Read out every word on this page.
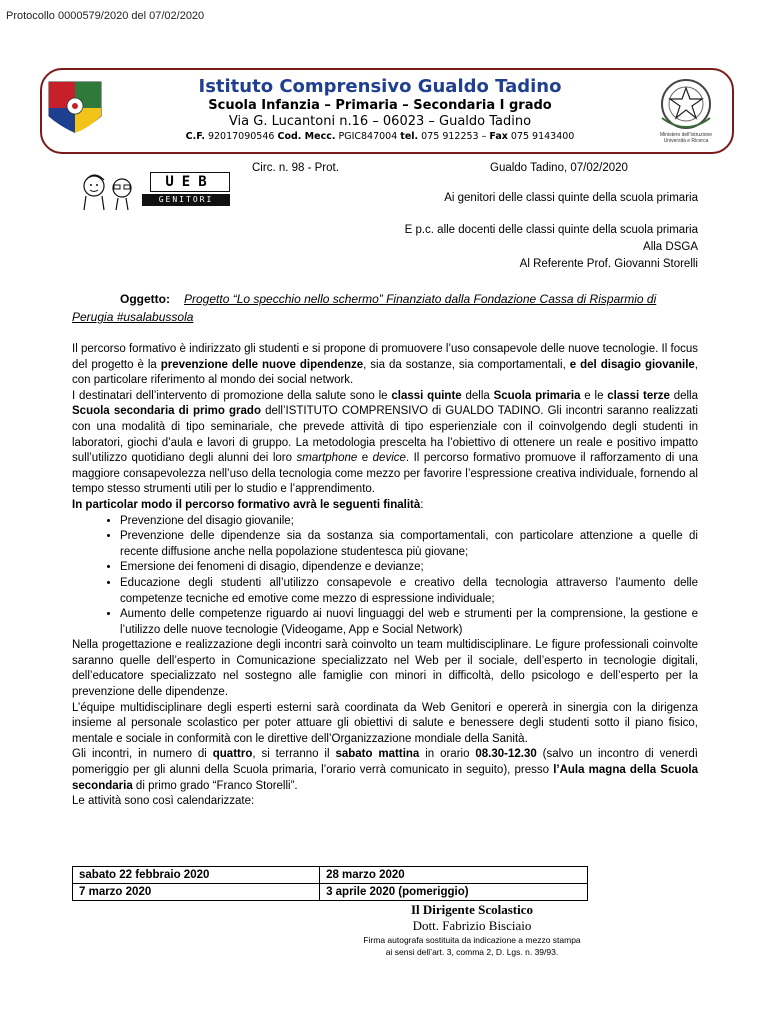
Protocollo 0000579/2020 del 07/02/2020
Istituto Comprensivo Gualdo Tadino
Scuola Infanzia – Primaria – Secondaria I grado
Via G. Lucantoni n.16 – 06023 – Gualdo Tadino
C.F. 92017090546 Cod. Mecc. PGIC847004 tel. 075 912253 – Fax 075 9143400	Ministero dell'Istruzione Università e Ricerca
UEB
GENITORI
Circ. n. 98 - Prot.	Gualdo Tadino, 07/02/2020
Ai genitori delle classi quinte della scuola primaria
E p.c. alle docenti delle classi quinte della scuola primaria
Alla DSGA
Al Referente Prof. Giovanni Storelli
Oggetto: Progetto “Lo specchio nello schermo” Finanziato dalla Fondazione Cassa di Risparmio di Perugia #usalabussola

Il percorso formativo è indirizzato gli studenti e si propone di promuovere l’uso consapevole delle nuove tecnologie. Il focus del progetto è la prevenzione delle nuove dipendenze, sia da sostanze, sia comportamentali, e del disagio giovanile, con particolare riferimento al mondo dei social network.

I destinatari dell’intervento di promozione della salute sono le classi quinte della Scuola primaria e le classi terze della Scuola secondaria di primo grado dell’ISTITUTO COMPRENSIVO di GUALDO TADINO. Gli incontri saranno realizzati con una modalità di tipo seminariale, che prevede attività di tipo esperienziale con il coinvolgendo degli studenti in laboratori, giochi d’aula e lavori di gruppo. La metodologia prescelta ha l’obiettivo di ottenere un reale e positivo impatto sull’utilizzo quotidiano degli alunni dei loro smartphone e device. Il percorso formativo promuove il rafforzamento di una maggiore consapevolezza nell’uso della tecnologia come mezzo per favorire l’espressione creativa individuale, fornendo al tempo stesso strumenti utili per lo studio e l’apprendimento.

In particolar modo il percorso formativo avrà le seguenti finalità:

• Prevenzione del disagio giovanile;
• Prevenzione delle dipendenze sia da sostanza sia comportamentali, con particolare attenzione a quelle di recente diffusione anche nella popolazione studentesca più giovane;
• Emersione dei fenomeni di disagio, dipendenze e devianze;
• Educazione degli studenti all’utilizzo consapevole e creativo della tecnologia attraverso l’aumento delle competenze tecniche ed emotive come mezzo di espressione individuale;
• Aumento delle competenze riguardo ai nuovi linguaggi del web e strumenti per la comprensione, la gestione e l’utilizzo delle nuove tecnologie (Videogame, App e Social Network)

Nella progettazione e realizzazione degli incontri sarà coinvolto un team multidisciplinare. Le figure professionali coinvolte saranno quelle dell’esperto in Comunicazione specializzato nel Web per il sociale, dell’esperto in tecnologie digitali, dell’educatore specializzato nel sostegno alle famiglie con minori in difficoltà, dello psicologo e dell’esperto per la prevenzione delle dipendenze.

L’équipe multidisciplinare degli esperti esterni sarà coordinata da Web Genitori e opererà in sinergia con la dirigenza insieme al personale scolastico per poter attuare gli obiettivi di salute e benessere degli studenti sotto il piano fisico, mentale e sociale in conformità con le direttive dell’Organizzazione mondiale della Sanità.

Gli incontri, in numero di quattro, si terranno il sabato mattina in orario 08.30-12.30 (salvo un incontro di venerdì pomeriggio per gli alunni della Scuola primaria, l’orario verrà comunicato in seguito), presso l’Aula magna della Scuola secondaria di primo grado “Franco Storelli”.

Le attività sono così calendarizzate:

sabato 22 febbraio 2020	28 marzo 2020
7 marzo 2020	3 aprile 2020 (pomeriggio)
Il Dirigente Scolastico
Dott. Fabrizio Bisciaio
Firma autografa sostituita da indicazione a mezzo stampa
ai sensi dell’art. 3, comma 2, D. Lgs. n. 39/93.
